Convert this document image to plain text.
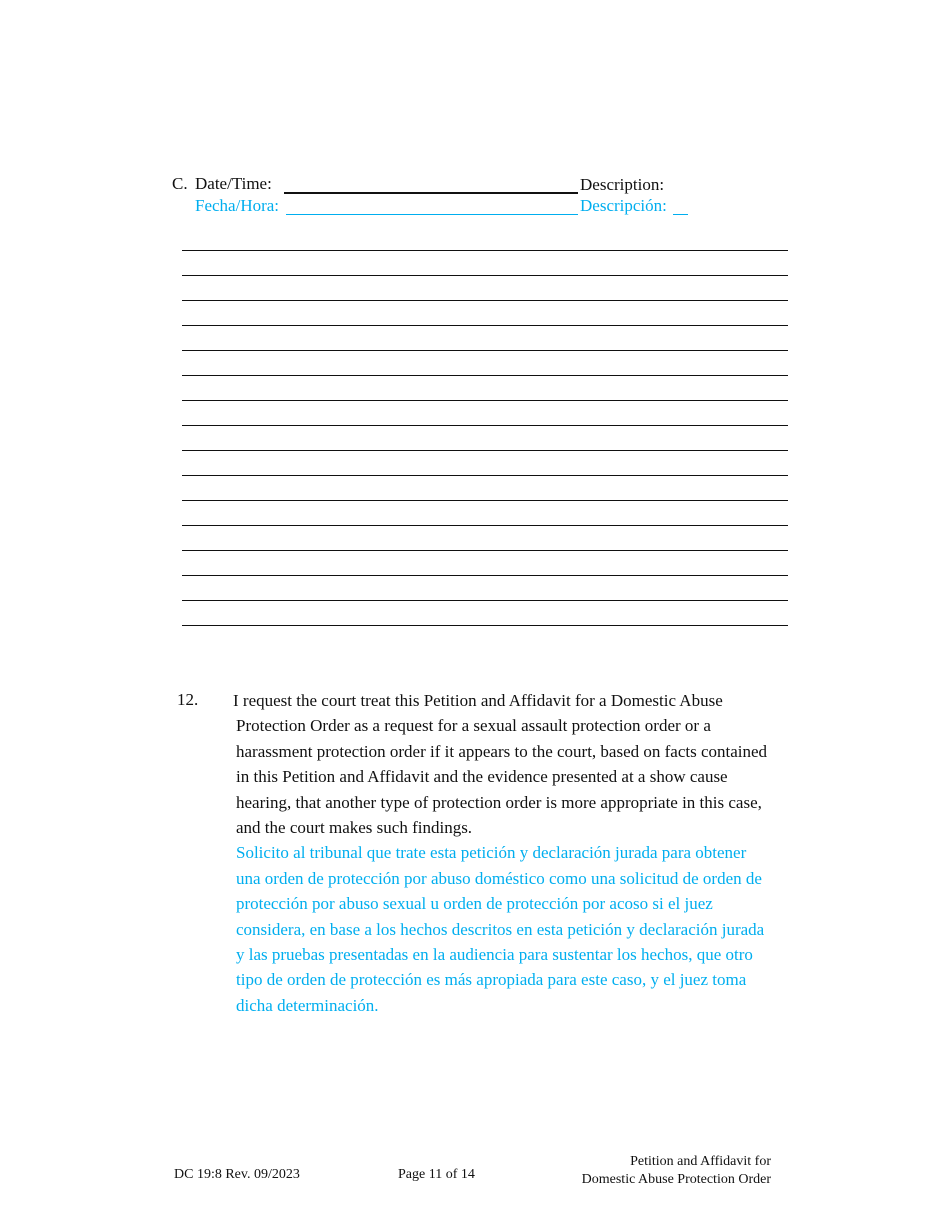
C. Date/Time:	Description:
Fecha/Hora:	Descripción:
12. I request the court treat this Petition and Affidavit for a Domestic Abuse
Protection Order as a request for a sexual assault protection order or a
harassment protection order if it appears to the court, based on facts contained
in this Petition and Affidavit and the evidence presented at a show cause
hearing, that another type of protection order is more appropriate in this case,
and the court makes such findings.
Solicito al tribunal que trate esta petición y declaración jurada para obtener
una orden de protección por abuso doméstico como una solicitud de orden de
protección por abuso sexual u orden de protección por acoso si el juez
considera, en base a los hechos descritos en esta petición y declaración jurada
y las pruebas presentadas en la audiencia para sustentar los hechos, que otro
tipo de orden de protección es más apropiada para este caso, y el juez toma
dicha determinación.
DC 19:8 Rev. 09/2023	Page 11 of 14
Petition and Affidavit for
Domestic Abuse Protection Order
